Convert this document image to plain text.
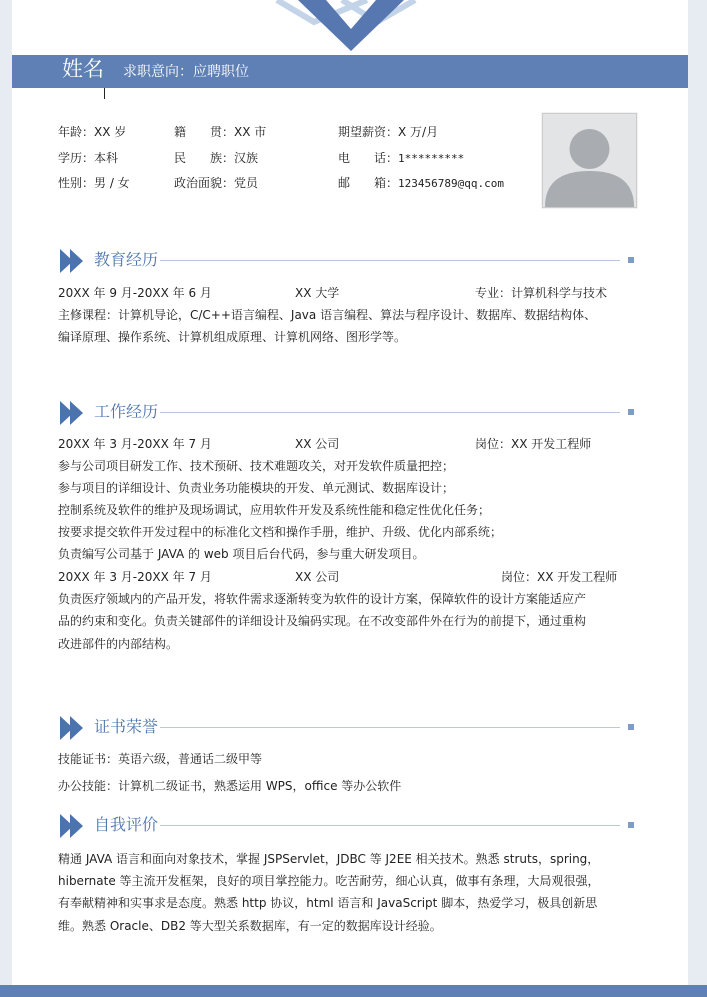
姓名 求职意向：应聘职位
年龄：XX 岁	籍　　贯：XX 市	期望薪资：X 万/月
学历：本科	民　　族：汉族	电　　话：1*********
性别：男 / 女	政治面貌：党员	邮　　箱：123456789@qq.com
教育经历
20XX 年 9 月-20XX 年 6 月	XX 大学	专业：计算机科学与技术
主修课程：计算机导论，C/C++语言编程、Java 语言编程、算法与程序设计、数据库、数据结构体、
编译原理、操作系统、计算机组成原理、计算机网络、图形学等。
工作经历
20XX 年 3 月-20XX 年 7 月	XX 公司	岗位：XX 开发工程师
参与公司项目研发工作、技术预研、技术难题攻关，对开发软件质量把控；
参与项目的详细设计、负责业务功能模块的开发、单元测试、数据库设计；
控制系统及软件的维护及现场调试，应用软件开发及系统性能和稳定性优化任务；
按要求提交软件开发过程中的标准化文档和操作手册，维护、升级、优化内部系统；
负责编写公司基于 JAVA 的 web 项目后台代码，参与重大研发项目。
20XX 年 3 月-20XX 年 7 月	XX 公司	岗位：XX 开发工程师
负责医疗领域内的产品开发，将软件需求逐渐转变为软件的设计方案，保障软件的设计方案能适应产
品的约束和变化。负责关键部件的详细设计及编码实现。在不改变部件外在行为的前提下，通过重构
改进部件的内部结构。
证书荣誉
技能证书：英语六级，普通话二级甲等
办公技能：计算机二级证书，熟悉运用 WPS，office 等办公软件
自我评价
精通 JAVA 语言和面向对象技术，掌握 JSPServlet，JDBC 等 J2EE 相关技术。熟悉 struts，spring，
hibernate 等主流开发框架，良好的项目掌控能力。吃苦耐劳，细心认真，做事有条理，大局观很强，
有奉献精神和实事求是态度。熟悉 http 协议，html 语言和 JavaScript 脚本，热爱学习，极具创新思
维。熟悉 Oracle、DB2 等大型关系数据库，有一定的数据库设计经验。
